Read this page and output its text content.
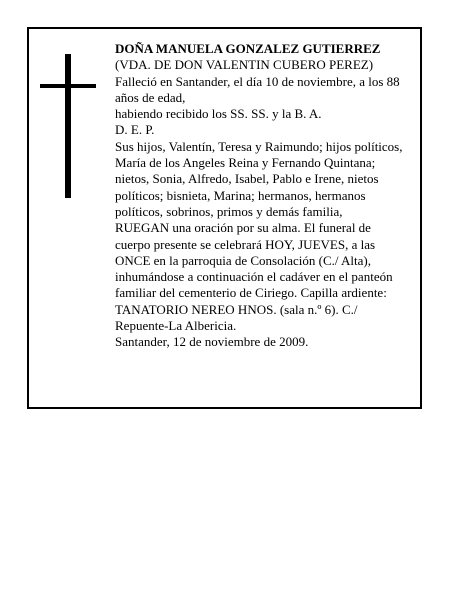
DOÑA MANUELA GONZALEZ GUTIERREZ
(VDA. DE DON VALENTIN CUBERO PEREZ)
Falleció en Santander, el día 10 de noviembre, a los 88
años de edad,
habiendo recibido los SS. SS. y la B. A.
D. E. P.
Sus hijos, Valentín, Teresa y Raimundo; hijos políticos,
María de los Angeles Reina y Fernando Quintana;
nietos, Sonia, Alfredo, Isabel, Pablo e Irene, nietos
políticos; bisnieta, Marina; hermanos, hermanos
políticos, sobrinos, primos y demás familia,
RUEGAN una oración por su alma. El funeral de
cuerpo presente se celebrará HOY, JUEVES, a las
ONCE en la parroquia de Consolación (C./ Alta),
inhumándose a continuación el cadáver en el panteón
familiar del cementerio de Ciriego. Capilla ardiente:
TANATORIO NEREO HNOS. (sala n.º 6). C./
Repuente-La Albericia.
Santander, 12 de noviembre de 2009.
